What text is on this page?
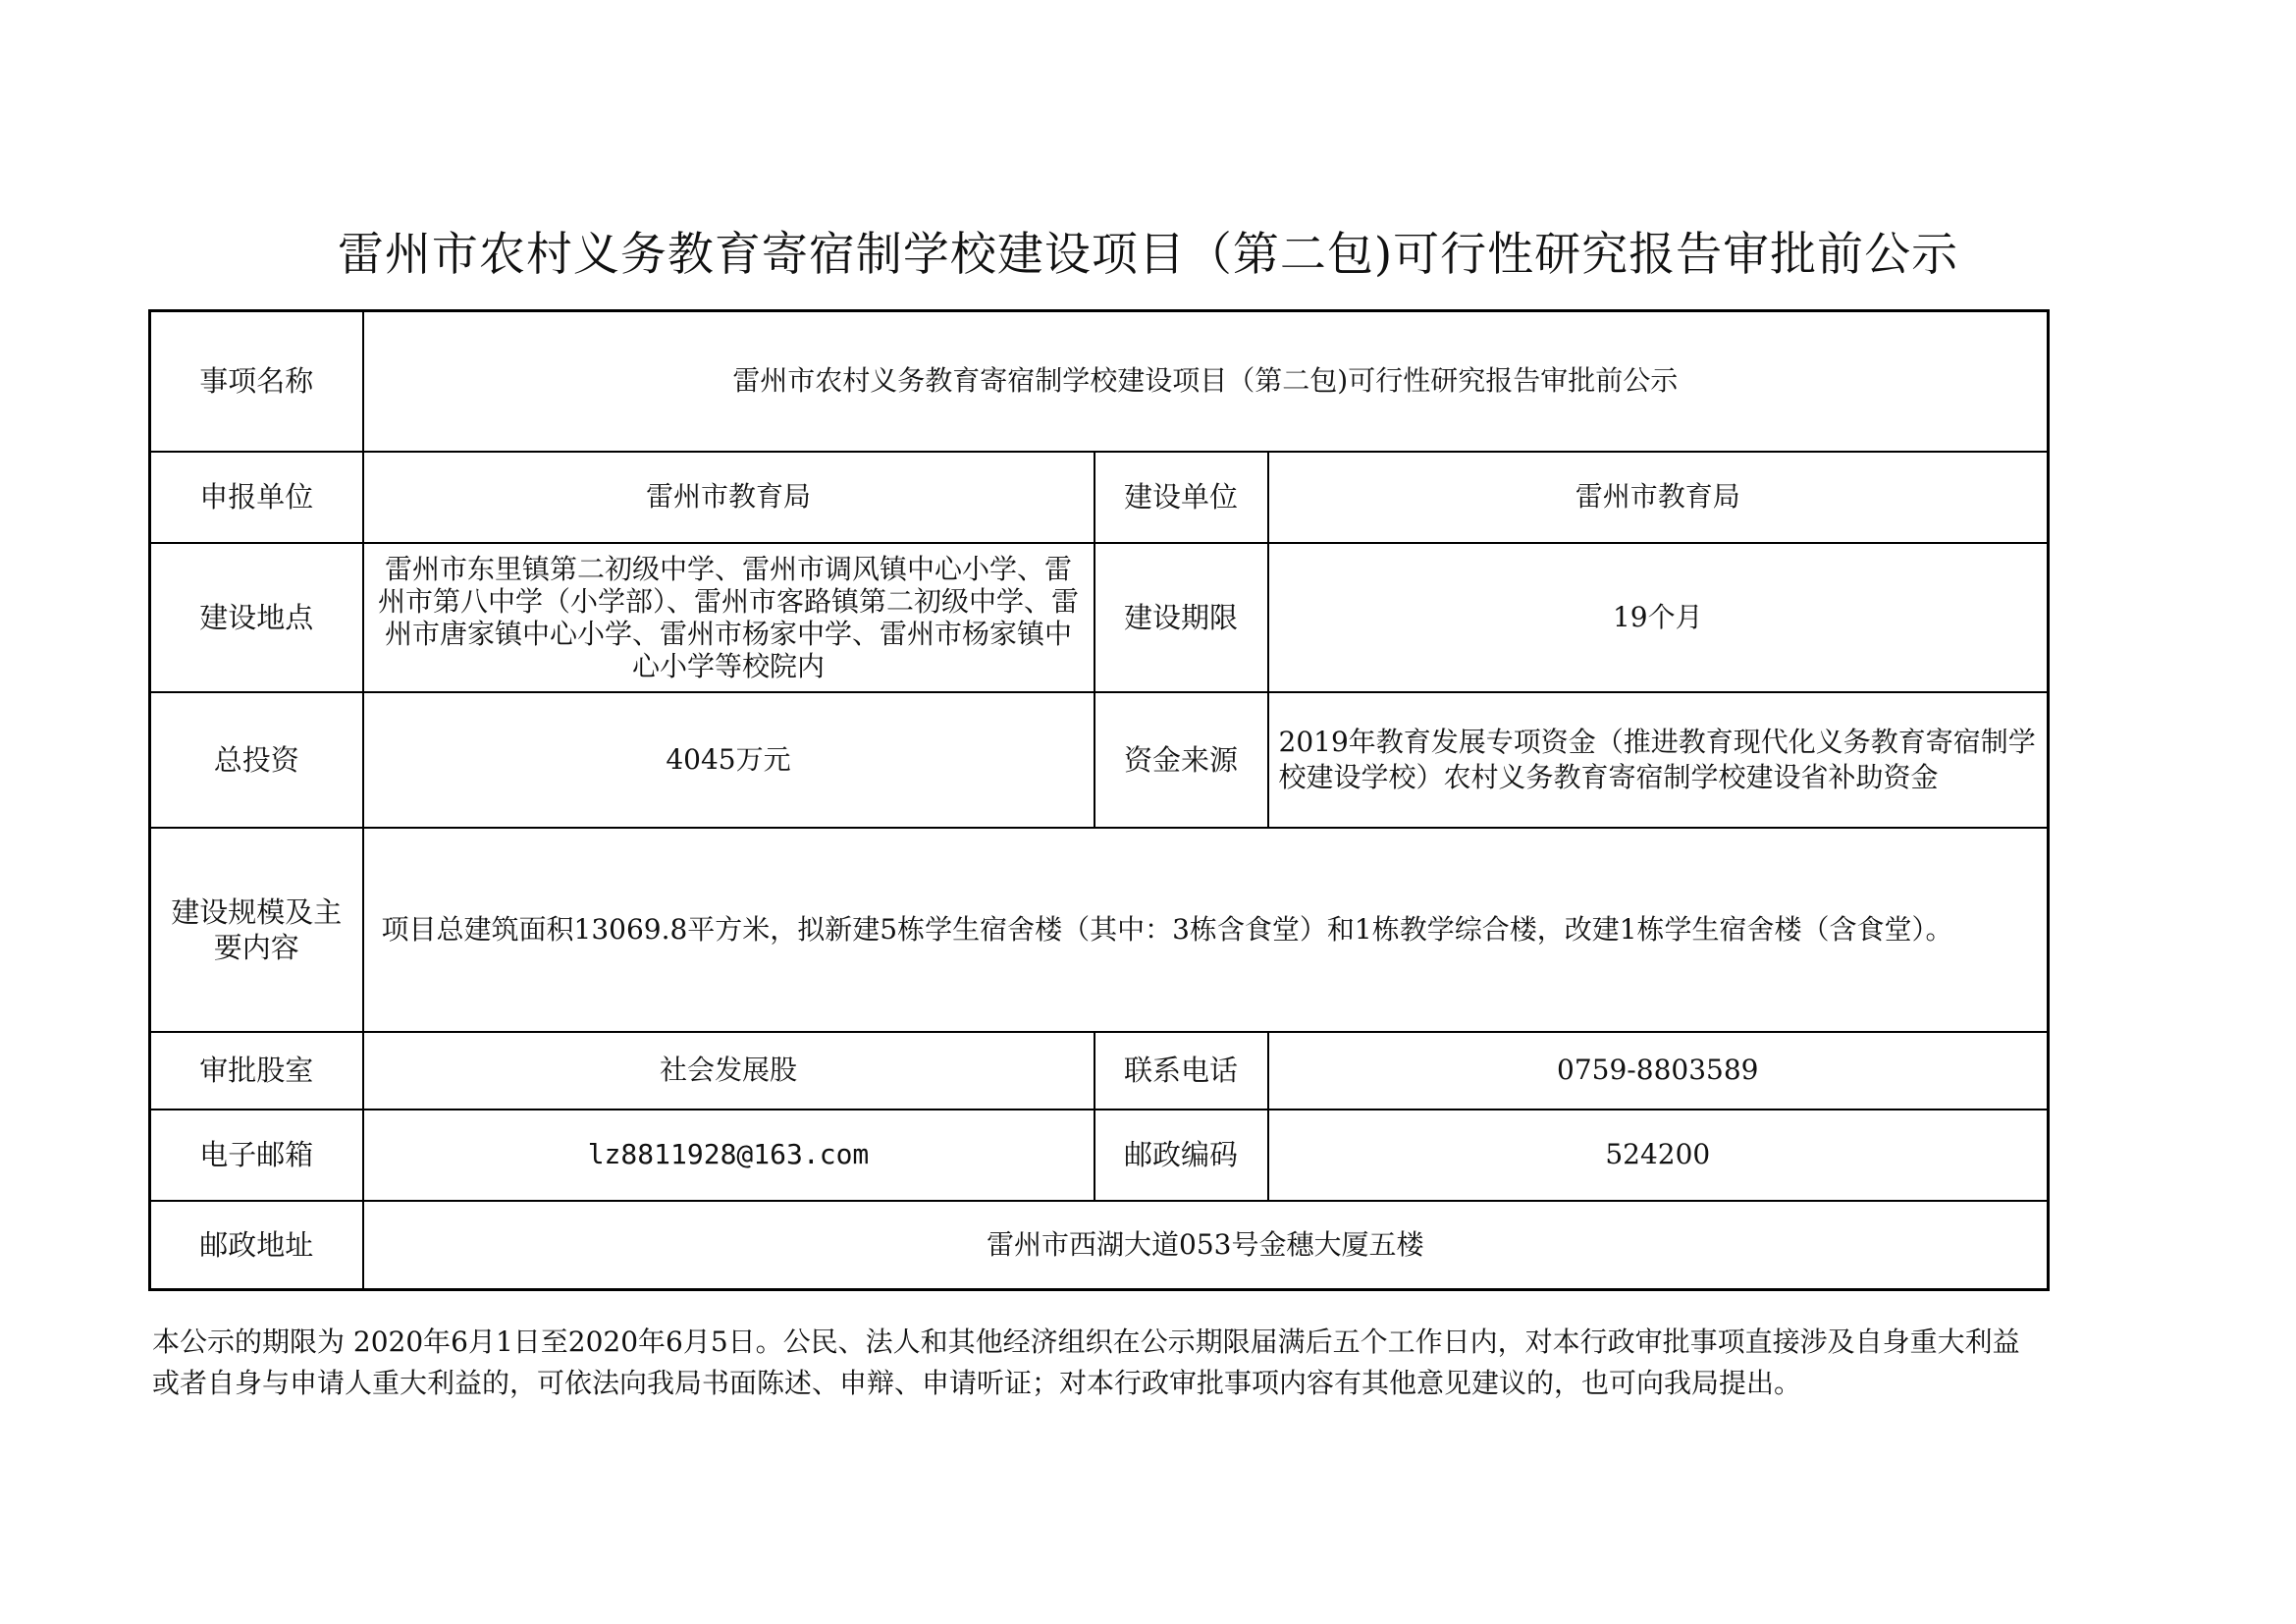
雷州市农村义务教育寄宿制学校建设项目（第二包)可行性研究报告审批前公示
事项名称	雷州市农村义务教育寄宿制学校建设项目（第二包)可行性研究报告审批前公示		
申报单位	雷州市教育局	建设单位	雷州市教育局
建设地点	雷州市东里镇第二初级中学、雷州市调风镇中心小学、雷州市第八中学（小学部）、雷州市客路镇第二初级中学、雷州市唐家镇中心小学、雷州市杨家中学、雷州市杨家镇中心小学等校院内	建设期限	19个月
总投资	4045万元	资金来源	2019年教育发展专项资金（推进教育现代化义务教育寄宿制学校建设学校）农村义务教育寄宿制学校建设省补助资金
建设规模及主要内容	项目总建筑面积13069.8平方米，拟新建5栋学生宿舍楼（其中：3栋含食堂）和1栋教学综合楼，改建1栋学生宿舍楼（含食堂）。		
审批股室	社会发展股	联系电话	0759-8803589
电子邮箱	lz8811928@163.com	邮政编码	524200
邮政地址	雷州市西湖大道053号金穗大厦五楼		
本公示的期限为 2020年6月1日至2020年6月5日。公民、法人和其他经济组织在公示期限届满后五个工作日内，对本行政审批事项直接涉及自身重大利益或者自身与申请人重大利益的，可依法向我局书面陈述、申辩、申请听证；对本行政审批事项内容有其他意见建议的，也可向我局提出。
